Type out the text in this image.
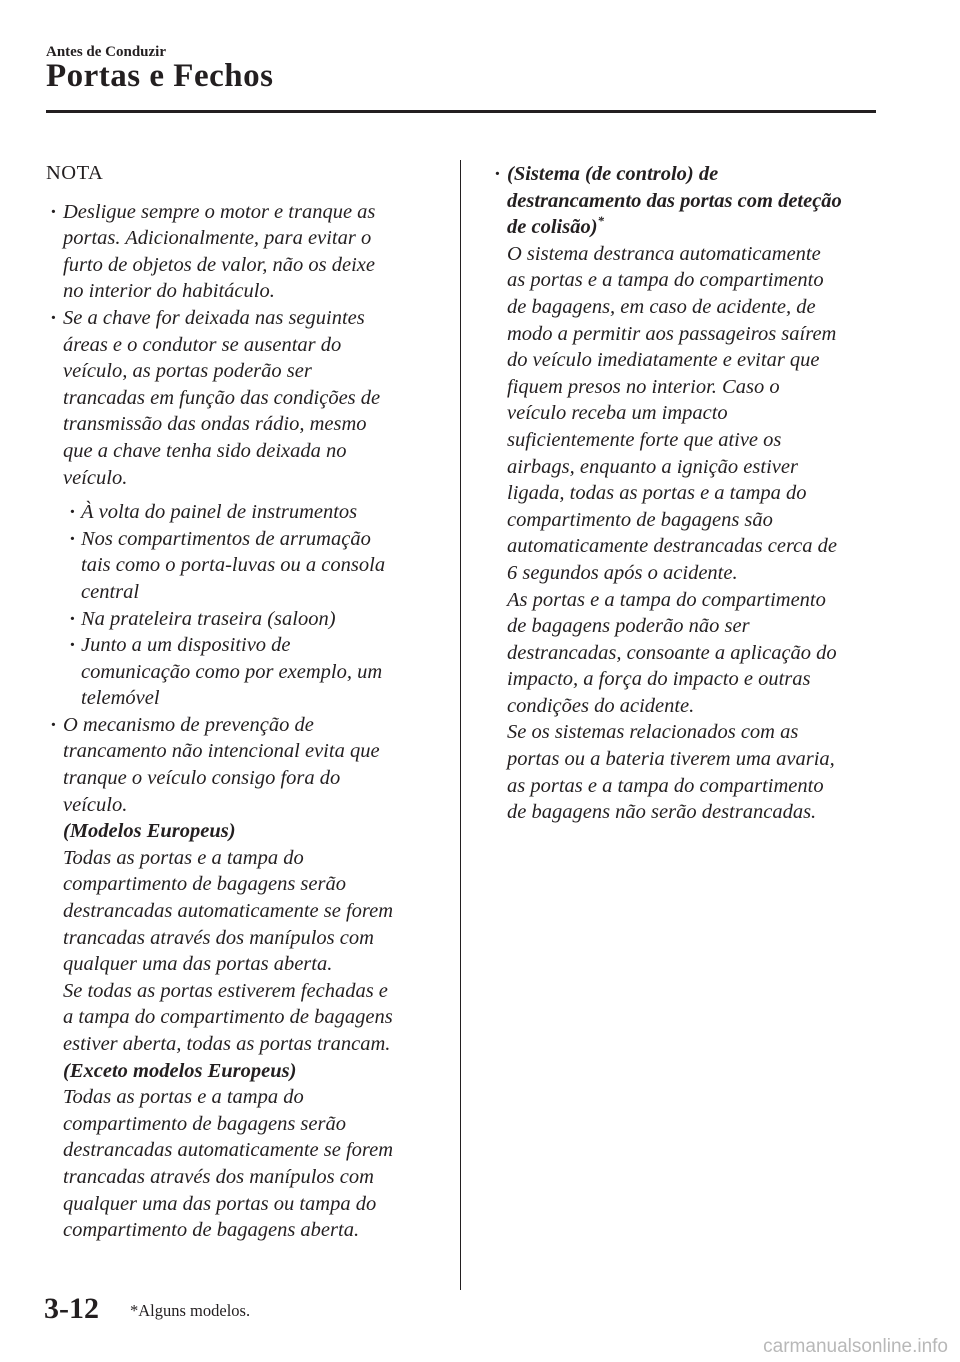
Antes de Conduzir
Portas e Fechos
NOTA
· Desligue sempre o motor e tranque as
portas. Adicionalmente, para evitar o
furto de objetos de valor, não os deixe
no interior do habitáculo.
· Se a chave for deixada nas seguintes
áreas e o condutor se ausentar do
veículo, as portas poderão ser
trancadas em função das condições de
transmissão das ondas rádio, mesmo
que a chave tenha sido deixada no
veículo.
· À volta do painel de instrumentos
· Nos compartimentos de arrumação
tais como o porta-luvas ou a consola
central
· Na prateleira traseira (saloon)
· Junto a um dispositivo de
comunicação como por exemplo, um
telemóvel
· O mecanismo de prevenção de
trancamento não intencional evita que
tranque o veículo consigo fora do
veículo.
(Modelos Europeus)
Todas as portas e a tampa do
compartimento de bagagens serão
destrancadas automaticamente se forem
trancadas através dos manípulos com
qualquer uma das portas aberta.
Se todas as portas estiverem fechadas e
a tampa do compartimento de bagagens
estiver aberta, todas as portas trancam.
(Exceto modelos Europeus)
Todas as portas e a tampa do
compartimento de bagagens serão
destrancadas automaticamente se forem
trancadas através dos manípulos com
qualquer uma das portas ou tampa do
compartimento de bagagens aberta.
· (Sistema (de controlo) de
destrancamento das portas com deteção
de colisão)*
O sistema destranca automaticamente
as portas e a tampa do compartimento
de bagagens, em caso de acidente, de
modo a permitir aos passageiros saírem
do veículo imediatamente e evitar que
fiquem presos no interior. Caso o
veículo receba um impacto
suficientemente forte que ative os
airbags, enquanto a ignição estiver
ligada, todas as portas e a tampa do
compartimento de bagagens são
automaticamente destrancadas cerca de
6 segundos após o acidente.
As portas e a tampa do compartimento
de bagagens poderão não ser
destrancadas, consoante a aplicação do
impacto, a força do impacto e outras
condições do acidente.
Se os sistemas relacionados com as
portas ou a bateria tiverem uma avaria,
as portas e a tampa do compartimento
de bagagens não serão destrancadas.
3-12 *Alguns modelos.
carmanualsonline.info
